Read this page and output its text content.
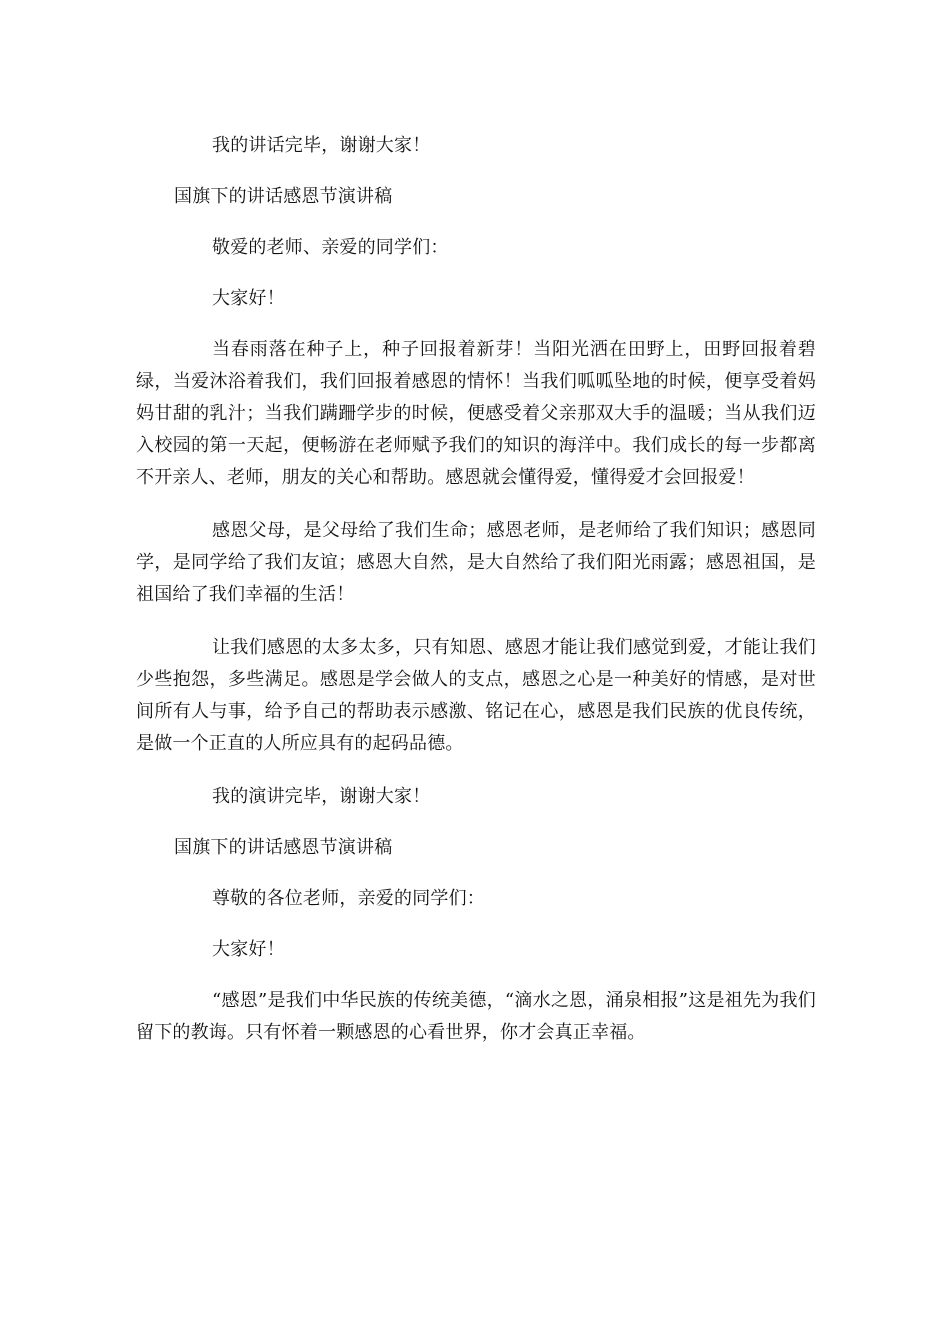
我的讲话完毕，谢谢大家！

国旗下的讲话感恩节演讲稿

敬爱的老师、亲爱的同学们：

大家好！

当春雨落在种子上，种子回报着新芽！当阳光洒在田野上，田野回报着碧绿，当爱沐浴着我们，我们回报着感恩的情怀！当我们呱呱坠地的时候，便享受着妈妈甘甜的乳汁；当我们蹒跚学步的时候，便感受着父亲那双大手的温暖；当从我们迈入校园的第一天起，便畅游在老师赋予我们的知识的海洋中。我们成长的每一步都离不开亲人、老师，朋友的关心和帮助。感恩就会懂得爱，懂得爱才会回报爱！

感恩父母，是父母给了我们生命；感恩老师，是老师给了我们知识；感恩同学，是同学给了我们友谊；感恩大自然，是大自然给了我们阳光雨露；感恩祖国，是祖国给了我们幸福的生活！

让我们感恩的太多太多，只有知恩、感恩才能让我们感觉到爱，才能让我们少些抱怨，多些满足。感恩是学会做人的支点，感恩之心是一种美好的情感，是对世间所有人与事，给予自己的帮助表示感激、铭记在心，感恩是我们民族的优良传统，是做一个正直的人所应具有的起码品德。

我的演讲完毕，谢谢大家！

国旗下的讲话感恩节演讲稿

尊敬的各位老师，亲爱的同学们：

大家好！

“感恩”是我们中华民族的传统美德，“滴水之恩，涌泉相报”这是祖先为我们留下的教诲。只有怀着一颗感恩的心看世界，你才会真正幸福。
